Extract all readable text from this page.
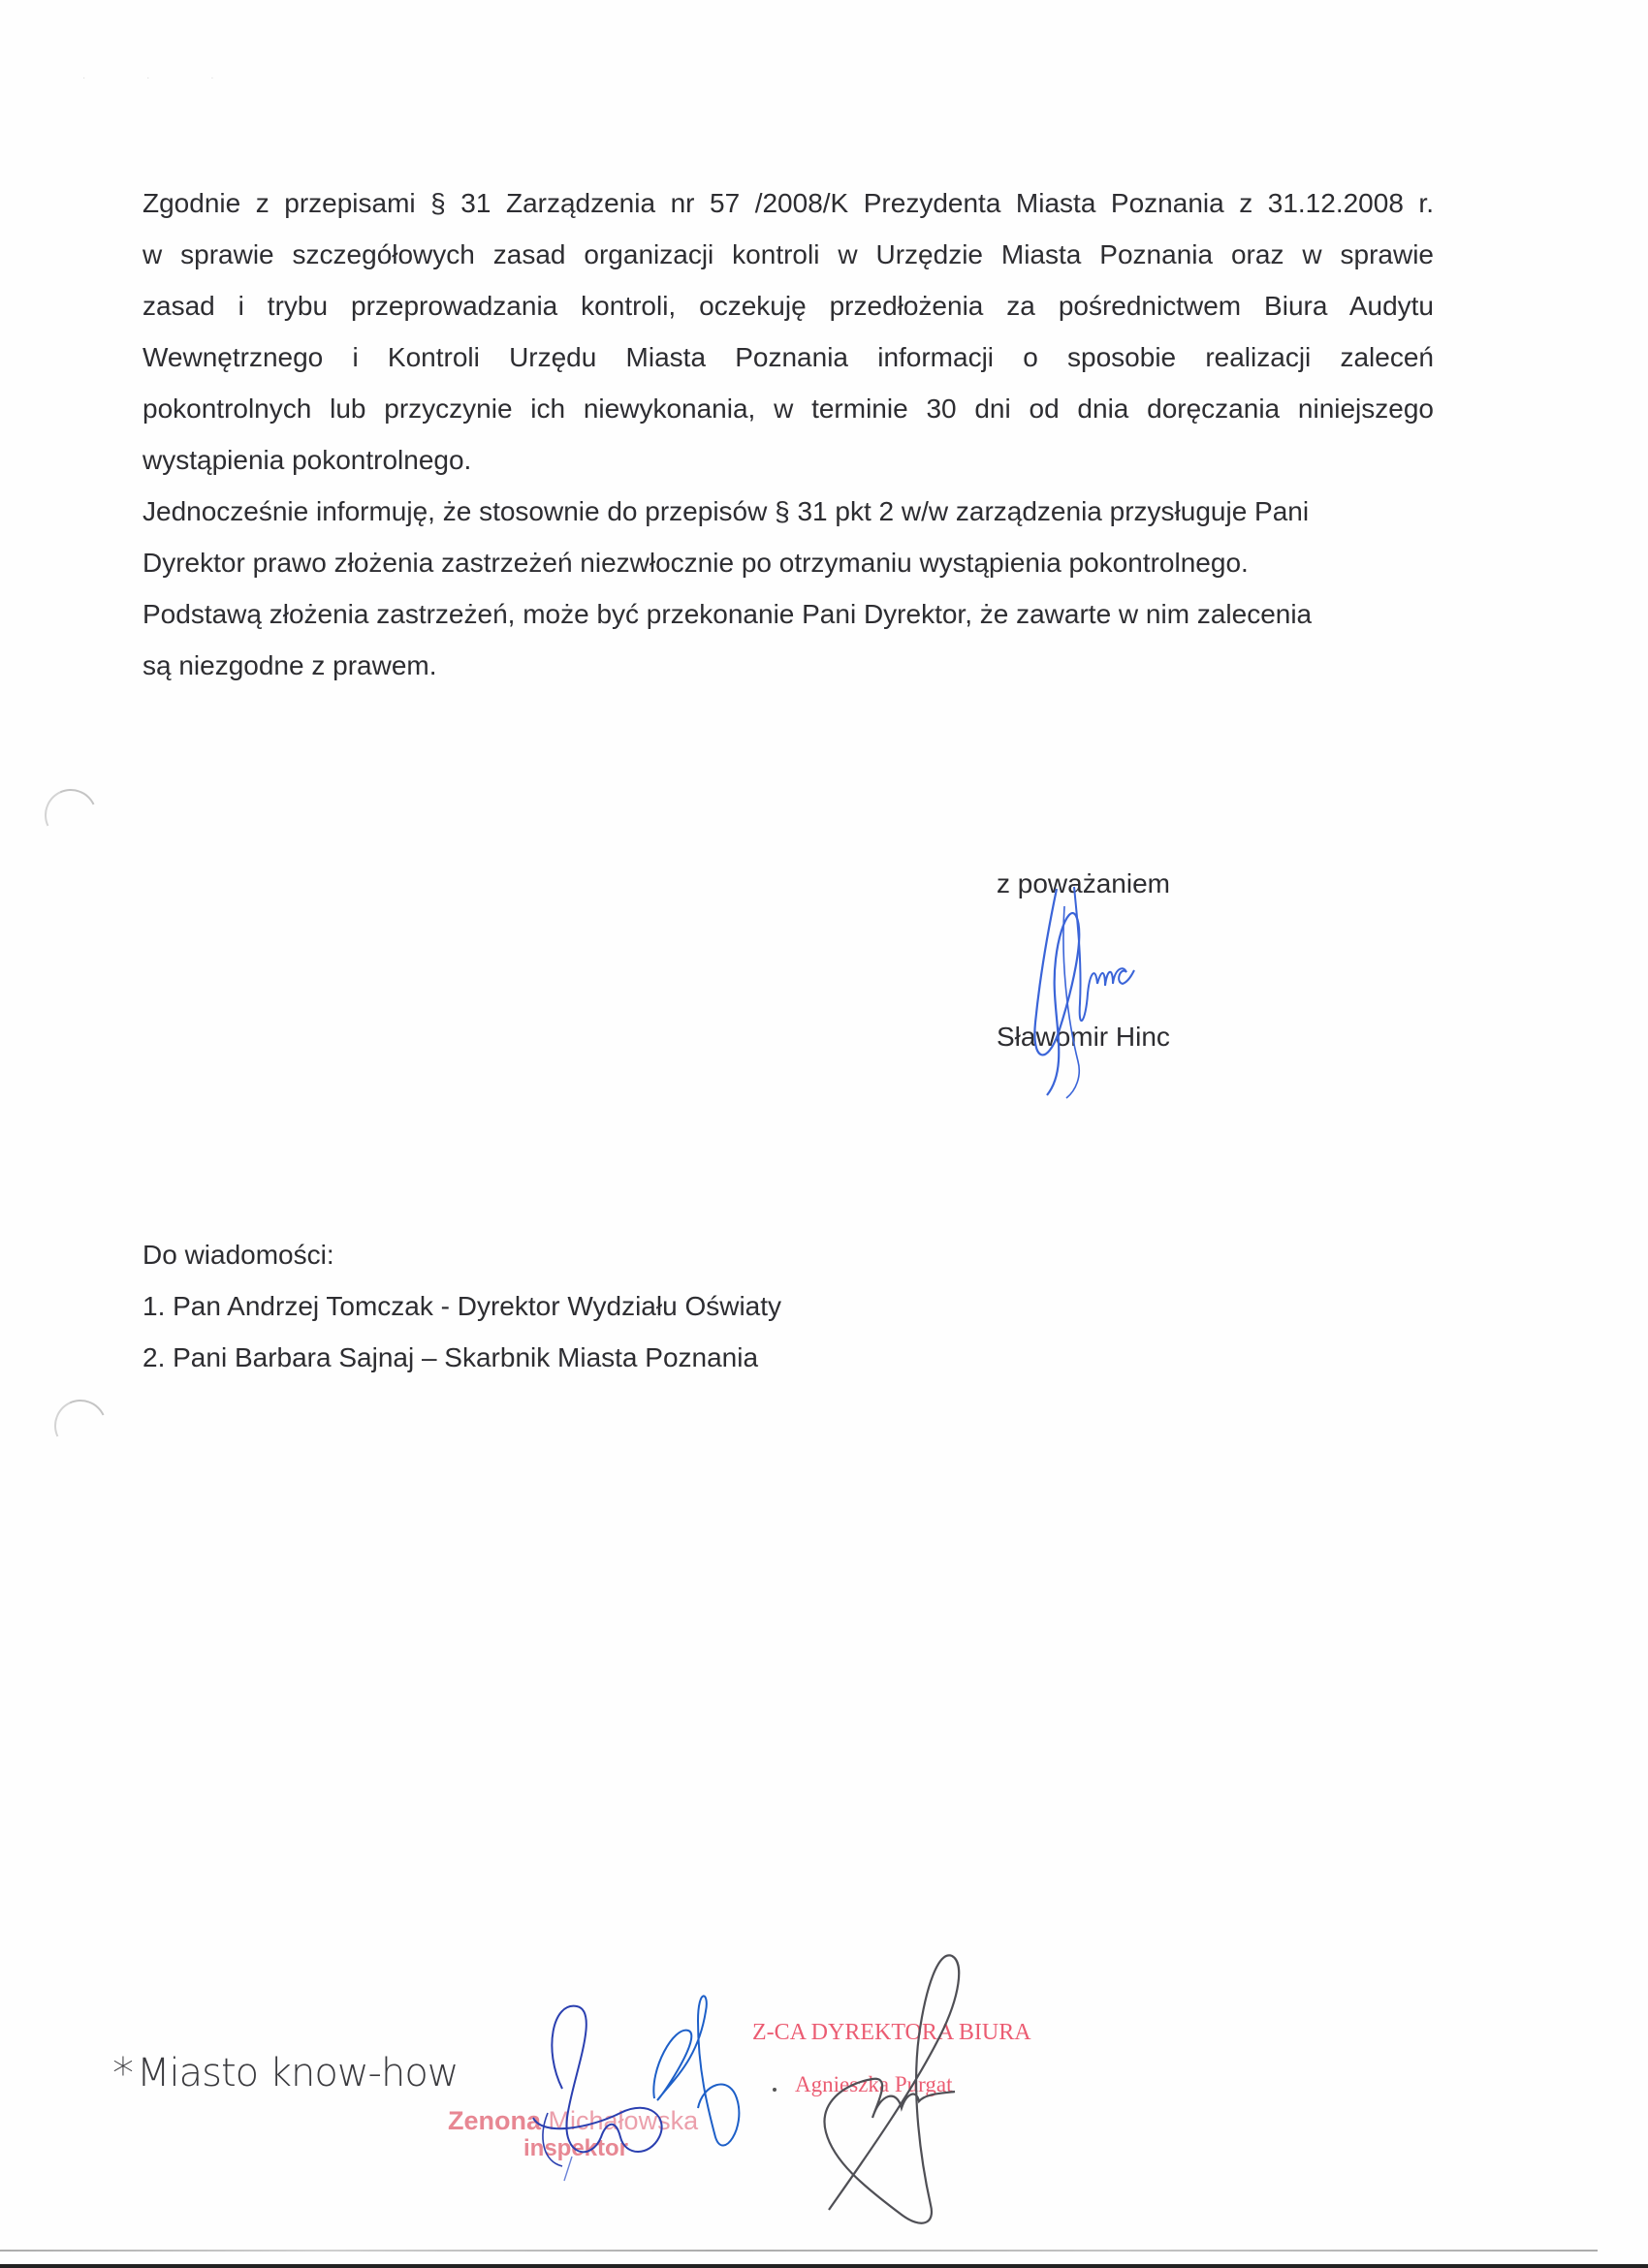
· · ·

Zgodnie z przepisami § 31 Zarządzenia nr 57 /2008/K Prezydenta Miasta Poznania z 31.12.2008 r.
w sprawie szczegółowych zasad organizacji kontroli w Urzędzie Miasta Poznania oraz w sprawie
zasad i trybu przeprowadzania kontroli, oczekuję przedłożenia za pośrednictwem Biura Audytu
Wewnętrznego i Kontroli Urzędu Miasta Poznania informacji o sposobie realizacji zaleceń
pokontrolnych lub przyczynie ich niewykonania, w terminie 30 dni od dnia doręczania niniejszego
wystąpienia pokontrolnego.

Jednocześnie informuję, że stosownie do przepisów § 31 pkt 2 w/w zarządzenia przysługuje Pani
Dyrektor prawo złożenia zastrzeżeń niezwłocznie po otrzymaniu wystąpienia pokontrolnego.
Podstawą złożenia zastrzeżeń, może być przekonanie Pani Dyrektor, że zawarte w nim zalecenia
są niezgodne z prawem.

z poważaniem
Sławomir Hinc
Do wiadomości:
1. Pan Andrzej Tomczak - Dyrektor Wydziału Oświaty
2. Pani Barbara Sajnaj – Skarbnik Miasta Poznania
* Miasto know-how
Zenona Michałowska
inspektor
Z-CA DYREKTORA BIURA
Agnieszka Purgat
